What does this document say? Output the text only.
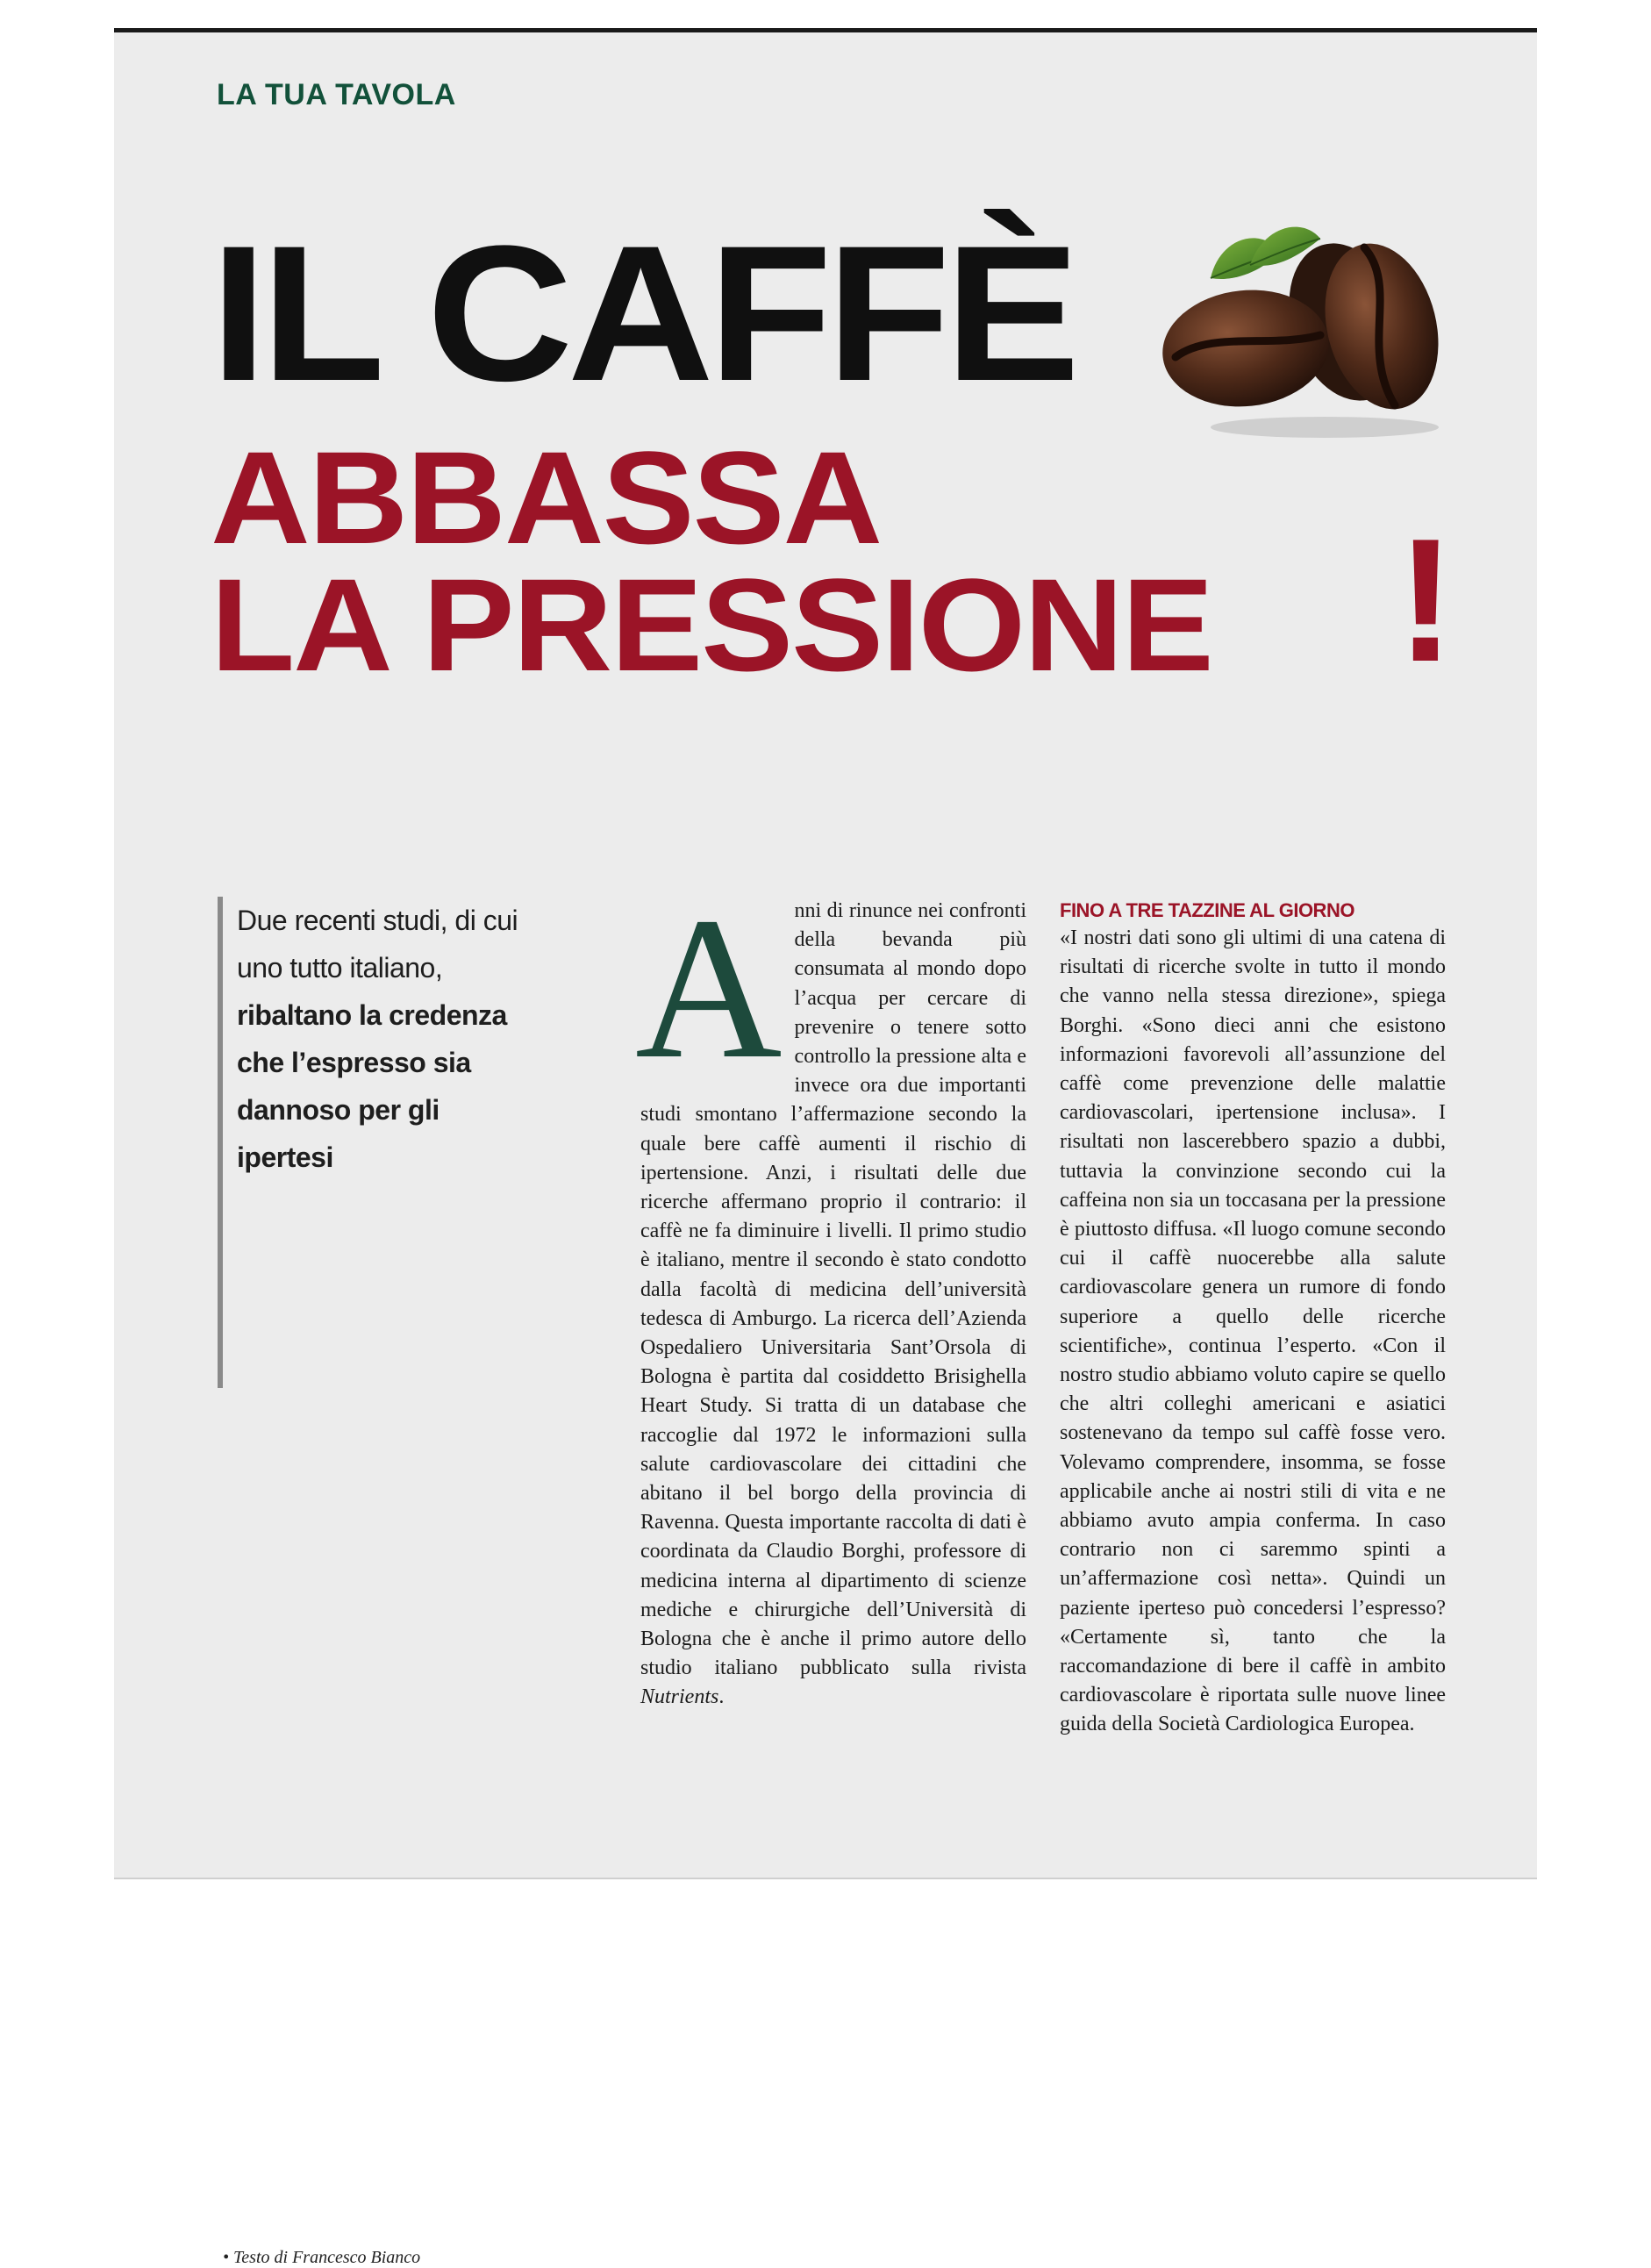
LA TUA TAVOLA
IL CAFFÈ
ABBASSA
LA PRESSIONE !

Due recenti studi, di cui uno tutto italiano, ribaltano la credenza che l’espresso sia dannoso per gli ipertesi

• Testo di Francesco Bianco

Anni di rinunce nei confronti della bevanda più consumata al mondo dopo l’acqua per cercare di prevenire o tenere sotto controllo la pressione alta e invece ora due importanti studi smontano l’affermazione secondo la quale bere caffè aumenti il rischio di ipertensione. Anzi, i risultati delle due ricerche affermano proprio il contrario: il caffè ne fa diminuire i livelli. Il primo studio è italiano, mentre il secondo è stato condotto dalla facoltà di medicina dell’università tedesca di Amburgo. La ricerca dell’Azienda Ospedaliero Universitaria Sant’Orsola di Bologna è partita dal cosiddetto Brisighella Heart Study. Si tratta di un database che raccoglie dal 1972 le informazioni sulla salute cardiovascolare dei cittadini che abitano il bel borgo della provincia di Ravenna. Questa importante raccolta di dati è coordinata da Claudio Borghi, professore di medicina interna al dipartimento di scienze mediche e chirurgiche dell’Università di Bologna che è anche il primo autore dello studio italiano pubblicato sulla rivista Nutrients.

FINO A TRE TAZZINE AL GIORNO
«I nostri dati sono gli ultimi di una catena di risultati di ricerche svolte in tutto il mondo che vanno nella stessa direzione», spiega Borghi. «Sono dieci anni che esistono informazioni favorevoli all’assunzione del caffè come prevenzione delle malattie cardiovascolari, ipertensione inclusa». I risultati non lascerebbero spazio a dubbi, tuttavia la convinzione secondo cui la caffeina non sia un toccasana per la pressione è piuttosto diffusa. «Il luogo comune secondo cui il caffè nuocerebbe alla salute cardiovascolare genera un rumore di fondo superiore a quello delle ricerche scientifiche», continua l’esperto. «Con il nostro studio abbiamo voluto capire se quello che altri colleghi americani e asiatici sostenevano da tempo sul caffè fosse vero. Volevamo comprendere, insomma, se fosse applicabile anche ai nostri stili di vita e ne abbiamo avuto ampia conferma. In caso contrario non ci saremmo spinti a un’affermazione così netta». Quindi un paziente iperteso può concedersi l’espresso? «Certamente sì, tanto che la raccomandazione di bere il caffè in ambito cardiovascolare è riportata sulle nuove linee guida della Società Cardiologica Europea.
